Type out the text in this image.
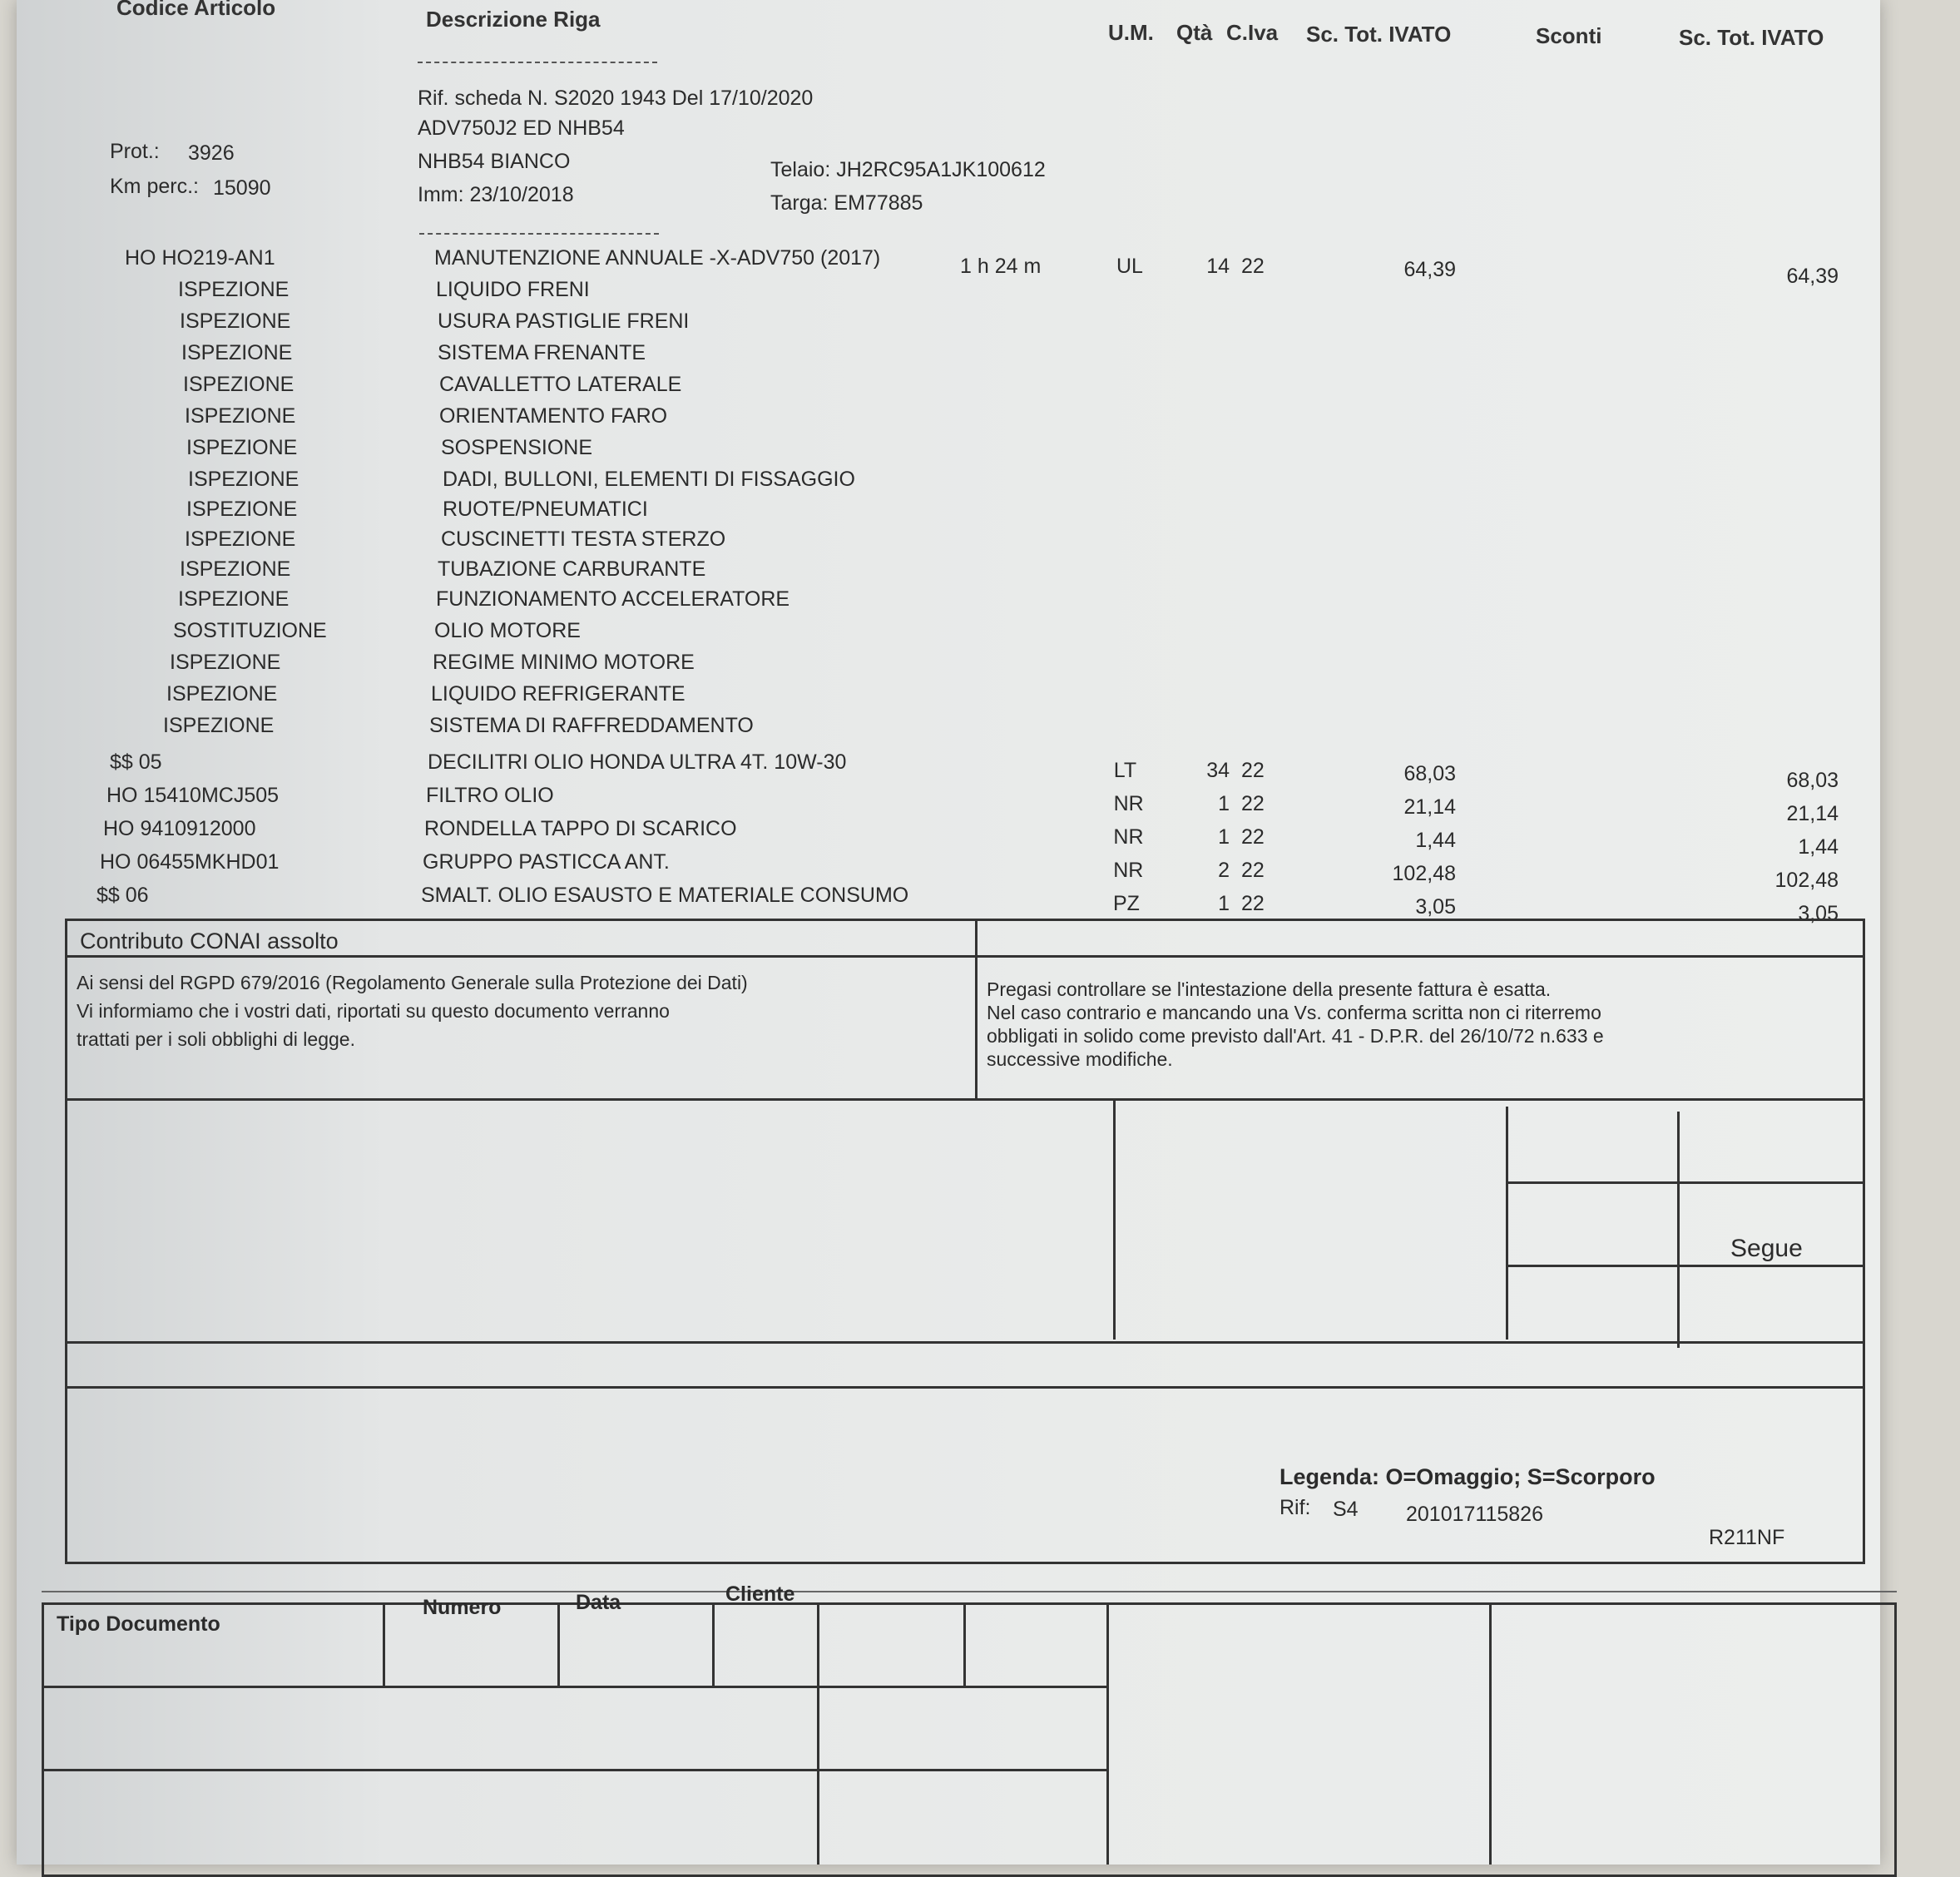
Codice Articolo	Descrizione Riga
U.M. Qtà C.Iva Sc. Tot. IVATO	Sconti	Sc. Tot. IVATO
Rif. scheda N. S2020 1943 Del 17/10/2020
ADV750J2 ED NHB54
NHB54 BIANCO
Imm: 23/10/2018
Telaio: JH2RC95A1JK100612
Targa: EM77885
Prot.: 3926
Km perc.: 15090
HO HO219-AN1	MANUTENZIONE ANNUALE -X-ADV750 (2017)	1 h 24 m	UL	14 22	64,39	64,39
ISPEZIONE	LIQUIDO FRENI
ISPEZIONE	USURA PASTIGLIE FRENI
ISPEZIONE	SISTEMA FRENANTE
ISPEZIONE	CAVALLETTO LATERALE
ISPEZIONE	ORIENTAMENTO FARO
ISPEZIONE	SOSPENSIONE
ISPEZIONE	DADI, BULLONI, ELEMENTI DI FISSAGGIO
ISPEZIONE	RUOTE/PNEUMATICI
ISPEZIONE	CUSCINETTI TESTA STERZO
ISPEZIONE	TUBAZIONE CARBURANTE
ISPEZIONE	FUNZIONAMENTO ACCELERATORE
SOSTITUZIONE	OLIO MOTORE
ISPEZIONE	REGIME MINIMO MOTORE
ISPEZIONE	LIQUIDO REFRIGERANTE
ISPEZIONE	SISTEMA DI RAFFREDDAMENTO
$$ 05	DECILITRI OLIO HONDA ULTRA 4T. 10W-30	LT	34 22	68,03	68,03
HO 15410MCJ505	FILTRO OLIO	NR	1 22	21,14	21,14
HO 9410912000	RONDELLA TAPPO DI SCARICO	NR	1 22	1,44	1,44
HO 06455MKHD01	GRUPPO PASTICCA ANT.	NR	2 22	102,48	102,48
$$ 06	SMALT. OLIO ESAUSTO E MATERIALE CONSUMO	PZ	1 22	3,05	3,05
Contributo CONAI assolto
Ai sensi del RGPD 679/2016 (Regolamento Generale sulla Protezione dei Dati)
Vi informiamo che i vostri dati, riportati su questo documento verranno
trattati per i soli obblighi di legge.
Pregasi controllare se l'intestazione della presente fattura è esatta.
Nel caso contrario e mancando una Vs. conferma scritta non ci riterremo
obbligati in solido come previsto dall'Art. 41 - D.P.R. del 26/10/72 n.633 e
successive modifiche.
Segue
Legenda: O=Omaggio; S=Scorporo
Rif: S4 201017115826
R211NF
Tipo Documento
Numero	Data	Cliente
